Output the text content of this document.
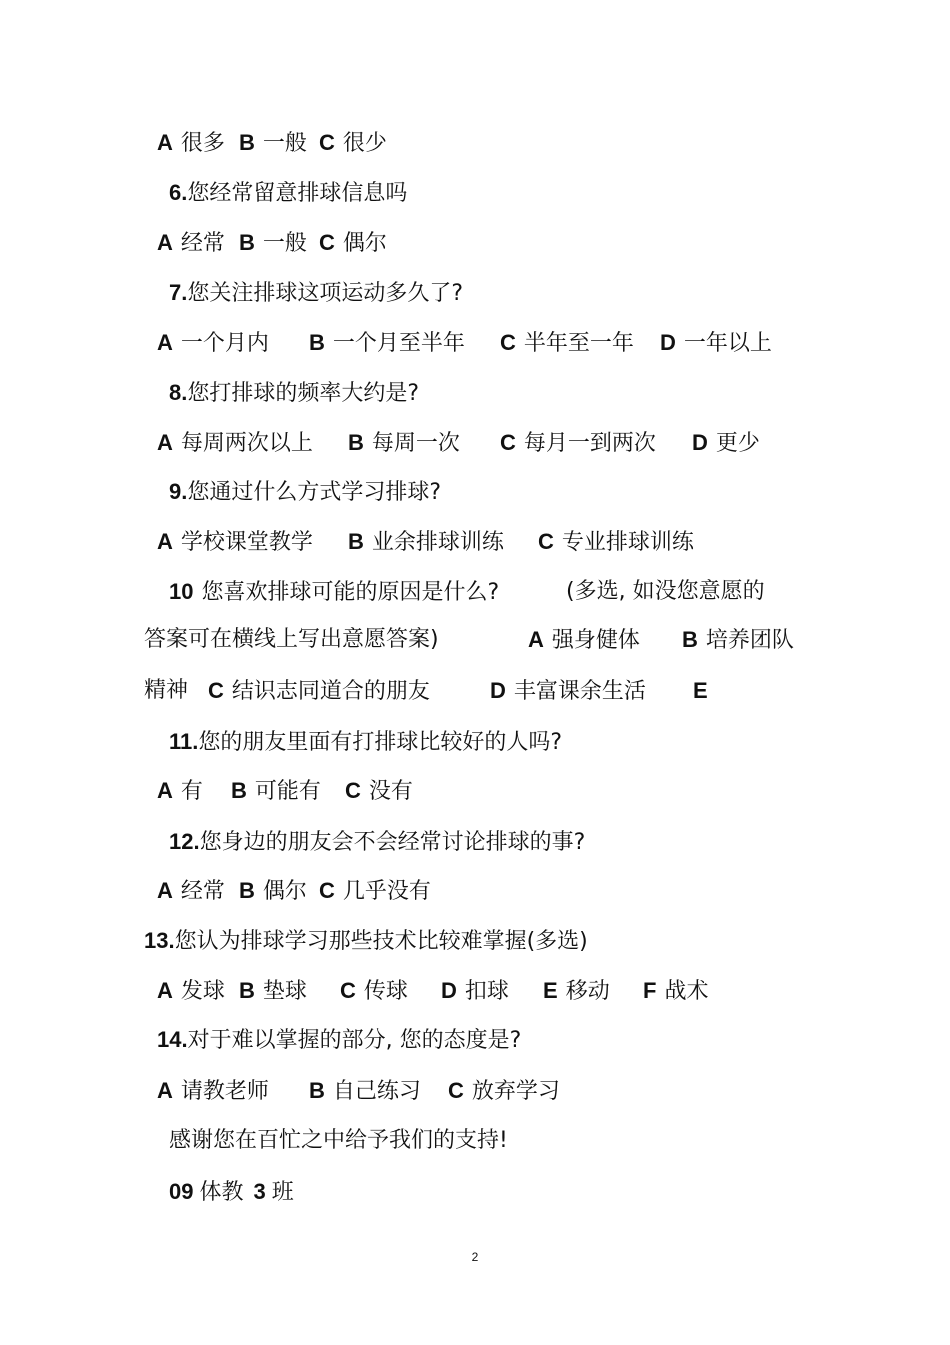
A 很多 B 一般 C 很少
6.您经常留意排球信息吗
A 经常 B 一般 C 偶尔
7.您关注排球这项运动多久了?
A 一个月内 B 一个月至半年 C 半年至一年 D 一年以上
8.您打排球的频率大约是?
A 每周两次以上 B 每周一次 C 每月一到两次 D 更少
9.您通过什么方式学习排球?
A 学校课堂教学 B 业余排球训练 C 专业排球训练
10 您喜欢排球可能的原因是什么?	(多选, 如没您意愿的
答案可在横线上写出意愿答案)	A 强身健体 B 培养团队
精神 C 结识志同道合的朋友	D 丰富课余生活 E
11.您的朋友里面有打排球比较好的人吗?
A 有 B 可能有 C 没有
12.您身边的朋友会不会经常讨论排球的事?
A 经常 B 偶尔 C 几乎没有
13.您认为排球学习那些技术比较难掌握(多选)
A 发球 B 垫球 C 传球 D 扣球 E 移动 F 战术
14.对于难以掌握的部分, 您的态度是?
A 请教老师 B 自己练习 C 放弃学习
感谢您在百忙之中给予我们的支持!
09 体教 3 班
2
